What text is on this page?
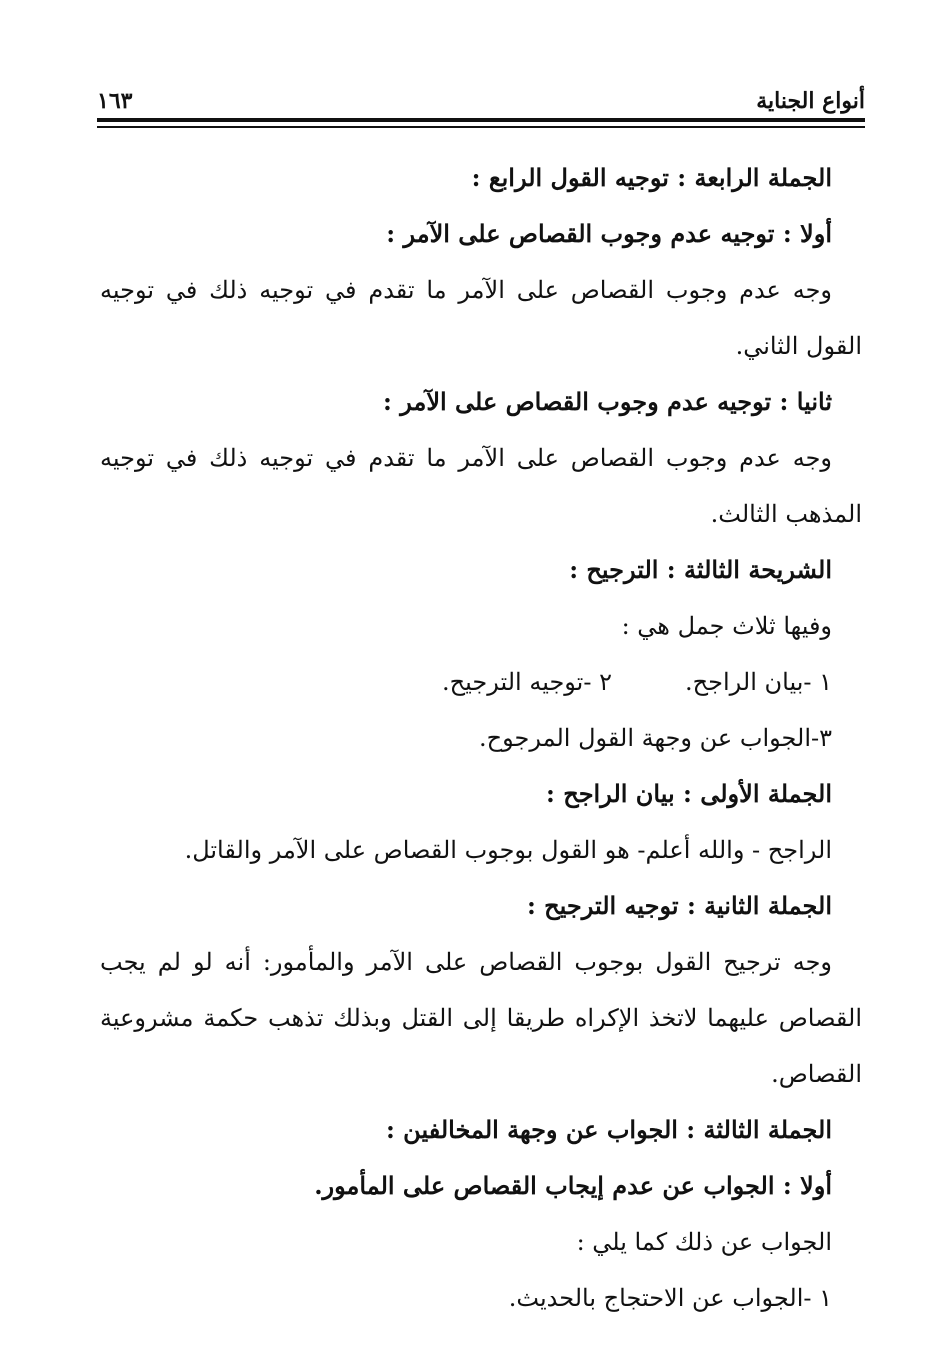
أنواع الجناية
١٦٣
الجملة الرابعة : توجيه القول الرابع :
أولا : توجيه عدم وجوب القصاص على الآمر :
وجه عدم وجوب القصاص على الآمر ما تقدم في توجيه ذلك في توجيه
القول الثاني.
ثانيا : توجيه عدم وجوب القصاص على الآمر :
وجه عدم وجوب القصاص على الآمر ما تقدم في توجيه ذلك في توجيه
المذهب الثالث.
الشريحة الثالثة : الترجيح :
وفيها ثلاث جمل هي :
١ -بيان الراجح.
٢ -توجيه الترجيح.
٣-الجواب عن وجهة القول المرجوح.
الجملة الأولى : بيان الراجح :
الراجح - والله أعلم- هو القول بوجوب القصاص على الآمر والقاتل.
الجملة الثانية : توجيه الترجيح :
وجه ترجيح القول بوجوب القصاص على الآمر والمأمور: أنه لو لم يجب
القصاص عليهما لاتخذ الإكراه طريقا إلى القتل وبذلك تذهب حكمة مشروعية
القصاص.
الجملة الثالثة : الجواب عن وجهة المخالفين :
أولا : الجواب عن عدم إيجاب القصاص على المأمور.
الجواب عن ذلك كما يلي :
١ -الجواب عن الاحتجاج بالحديث.
